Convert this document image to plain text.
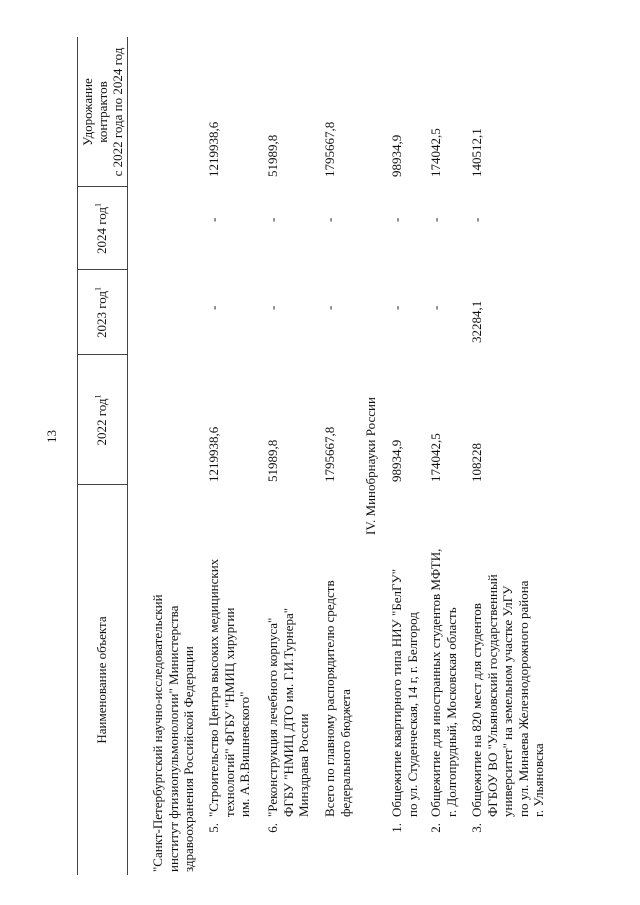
13
Наименование объекта
2022 год$^1$
2023 год$^1$
2024 год$^1$
Удорожание контрактов с 2022 года по 2024 год
"Санкт-Петербургский научно-исследовательский институт фтизиопульмонологии" Министерства здравоохранения Российской Федерации 5.
"Строительство Центра высоких медицинских технологий" ФГБУ "НМИЦ хирургии им. А.В.Вишневского"
1219938,6
-
-
1219938,6
6.
"Реконструкция лечебного корпуса" ФГБУ "НМИЦ ДТО им. Г.И.Турнера" Минздрава России
51989,8
-
-
51989,8
Всего по главному распорядителю средств федерального бюджета
1795667,8
-
-
1795667,8
IV. Минобрнауки России
1.
Общежитие квартирного типа НИУ "БелГУ" по ул. Студенческая, 14 г, г. Белгород
98934,9
-
-
98934,9
2.
Общежитие для иностранных студентов МФТИ, г. Долгопрудный, Московская область
174042,5
-
-
174042,5
3.
Общежитие на 820 мест для студентов ФГБОУ ВО "Ульяновский государственный университет" на земельном участке УлГУ по ул. Минаева Железнодорожного района г. Ульяновска
108228
32284,1
-
140512,1
